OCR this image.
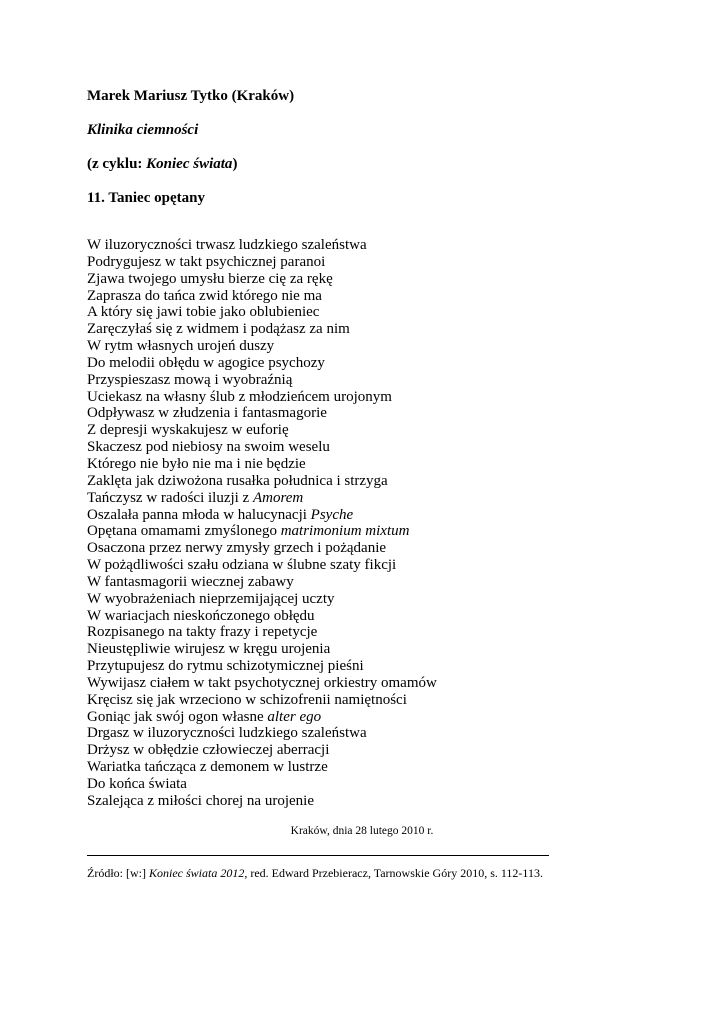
Marek Mariusz Tytko (Kraków)
Klinika ciemności
(z cyklu: Koniec świata)
11. Taniec opętany
W iluzoryczności trwasz ludzkiego szaleństwa
Podrygujesz w takt psychicznej paranoi
Zjawa twojego umysłu bierze cię za rękę
Zaprasza do tańca zwid którego nie ma
A który się jawi tobie jako oblubieniec
Zaręczyłaś się z widmem i podążasz za nim
W rytm własnych urojeń duszy
Do melodii obłędu w agogice psychozy
Przyspieszasz mową i wyobraźnią
Uciekasz na własny ślub z młodzieńcem urojonym
Odpływasz w złudzenia i fantasmagorie
Z depresji wyskakujesz w euforię
Skaczesz pod niebiosy na swoim weselu
Którego nie było nie ma i nie będzie
Zaklęta jak dziwożona rusałka południca i strzyga
Tańczysz w radości iluzji z Amorem
Oszalała panna młoda w halucynacji Psyche
Opętana omamami zmyślonego matrimonium mixtum
Osaczona przez nerwy zmysły grzech i pożądanie
W pożądliwości szału odziana w ślubne szaty fikcji
W fantasmagorii wiecznej zabawy
W wyobrażeniach nieprzemijającej uczty
W wariacjach nieskończonego obłędu
Rozpisanego na takty frazy i repetycje
Nieustępliwie wirujesz w kręgu urojenia
Przytupujesz do rytmu schizotymicznej pieśni
Wywijasz ciałem w takt psychotycznej orkiestry omamów
Kręcisz się jak wrzeciono w schizofrenii namiętności
Goniąc jak swój ogon własne alter ego
Drgasz w iluzoryczności ludzkiego szaleństwa
Drżysz w obłędzie człowieczej aberracji
Wariatka tańcząca z demonem w lustrze
Do końca świata
Szalejąca z miłości chorej na urojenie
Kraków, dnia 28 lutego 2010 r.
Źródło: [w:] Koniec świata 2012, red. Edward Przebieracz, Tarnowskie Góry 2010, s. 112-113.
